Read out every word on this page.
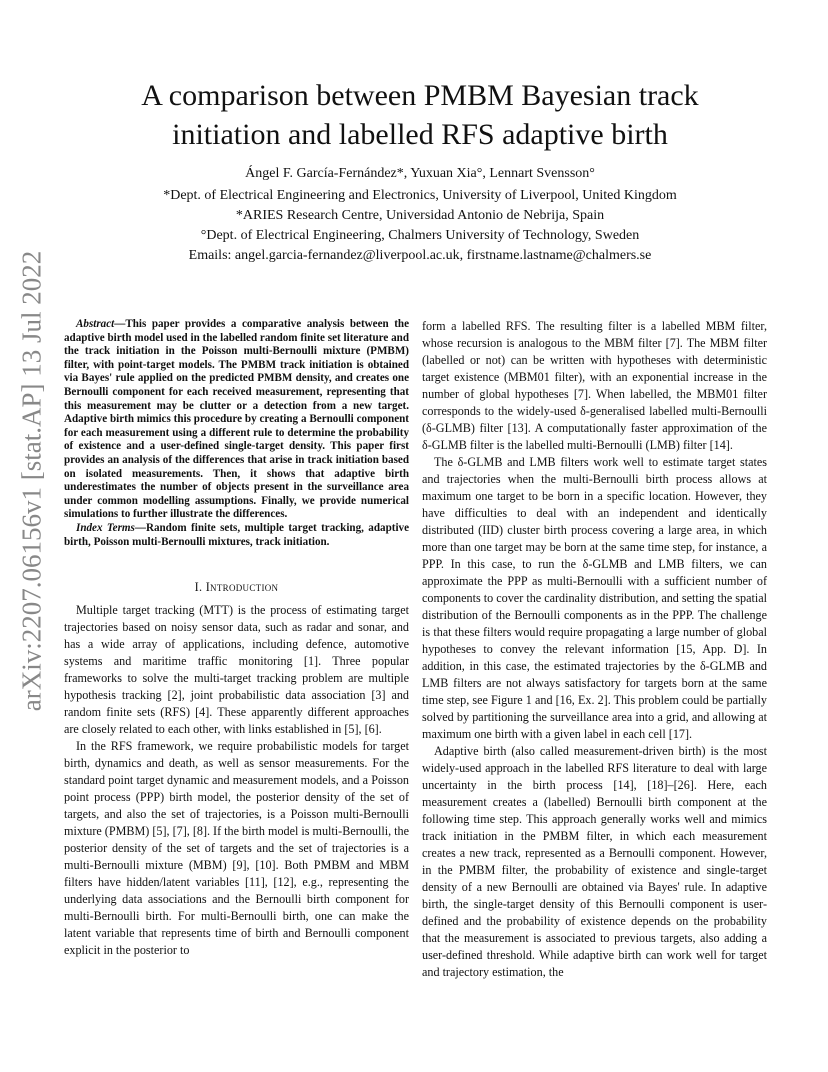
arXiv:2207.06156v1 [stat.AP] 13 Jul 2022
A comparison between PMBM Bayesian track
initiation and labelled RFS adaptive birth
Ángel F. García-Fernández*, Yuxuan Xia°, Lennart Svensson°
*Dept. of Electrical Engineering and Electronics, University of Liverpool, United Kingdom
*ARIES Research Centre, Universidad Antonio de Nebrija, Spain
°Dept. of Electrical Engineering, Chalmers University of Technology, Sweden
Emails: angel.garcia-fernandez@liverpool.ac.uk, firstname.lastname@chalmers.se

Abstract—This paper provides a comparative analysis between the adaptive birth model used in the labelled random finite set literature and the track initiation in the Poisson multi-Bernoulli mixture (PMBM) filter, with point-target models. The PMBM track initiation is obtained via Bayes' rule applied on the predicted PMBM density, and creates one Bernoulli component for each received measurement, representing that this measurement may be clutter or a detection from a new target. Adaptive birth mimics this procedure by creating a Bernoulli component for each measurement using a different rule to determine the probability of existence and a user-defined single-target density. This paper first provides an analysis of the differences that arise in track initiation based on isolated measurements. Then, it shows that adaptive birth underestimates the number of objects present in the surveillance area under common modelling assumptions. Finally, we provide numerical simulations to further illustrate the differences.

Index Terms—Random finite sets, multiple target tracking, adaptive birth, Poisson multi-Bernoulli mixtures, track initiation.

I. Introduction

Multiple target tracking (MTT) is the process of estimating target trajectories based on noisy sensor data, such as radar and sonar, and has a wide array of applications, including defence, automotive systems and maritime traffic monitoring [1]. Three popular frameworks to solve the multi-target tracking problem are multiple hypothesis tracking [2], joint probabilistic data association [3] and random finite sets (RFS) [4]. These apparently different approaches are closely related to each other, with links established in [5], [6].

In the RFS framework, we require probabilistic models for target birth, dynamics and death, as well as sensor measurements. For the standard point target dynamic and measurement models, and a Poisson point process (PPP) birth model, the posterior density of the set of targets, and also the set of trajectories, is a Poisson multi-Bernoulli mixture (PMBM) [5], [7], [8]. If the birth model is multi-Bernoulli, the posterior density of the set of targets and the set of trajectories is a multi-Bernoulli mixture (MBM) [9], [10]. Both PMBM and MBM filters have hidden/latent variables [11], [12], e.g., representing the underlying data associations and the Bernoulli birth component for multi-Bernoulli birth. For multi-Bernoulli birth, one can make the latent variable that represents time of birth and Bernoulli component explicit in the posterior to

form a labelled RFS. The resulting filter is a labelled MBM filter, whose recursion is analogous to the MBM filter [7]. The MBM filter (labelled or not) can be written with hypotheses with deterministic target existence (MBM01 filter), with an exponential increase in the number of global hypotheses [7]. When labelled, the MBM01 filter corresponds to the widely-used δ-generalised labelled multi-Bernoulli (δ-GLMB) filter [13]. A computationally faster approximation of the δ-GLMB filter is the labelled multi-Bernoulli (LMB) filter [14].

The δ-GLMB and LMB filters work well to estimate target states and trajectories when the multi-Bernoulli birth process allows at maximum one target to be born in a specific location. However, they have difficulties to deal with an independent and identically distributed (IID) cluster birth process covering a large area, in which more than one target may be born at the same time step, for instance, a PPP. In this case, to run the δ-GLMB and LMB filters, we can approximate the PPP as multi-Bernoulli with a sufficient number of components to cover the cardinality distribution, and setting the spatial distribution of the Bernoulli components as in the PPP. The challenge is that these filters would require propagating a large number of global hypotheses to convey the relevant information [15, App. D]. In addition, in this case, the estimated trajectories by the δ-GLMB and LMB filters are not always satisfactory for targets born at the same time step, see Figure 1 and [16, Ex. 2]. This problem could be partially solved by partitioning the surveillance area into a grid, and allowing at maximum one birth with a given label in each cell [17].

Adaptive birth (also called measurement-driven birth) is the most widely-used approach in the labelled RFS literature to deal with large uncertainty in the birth process [14], [18]–[26]. Here, each measurement creates a (labelled) Bernoulli birth component at the following time step. This approach generally works well and mimics track initiation in the PMBM filter, in which each measurement creates a new track, represented as a Bernoulli component. However, in the PMBM filter, the probability of existence and single-target density of a new Bernoulli are obtained via Bayes' rule. In adaptive birth, the single-target density of this Bernoulli component is user-defined and the probability of existence depends on the probability that the measurement is associated to previous targets, also adding a user-defined threshold. While adaptive birth can work well for target and trajectory estimation, the
